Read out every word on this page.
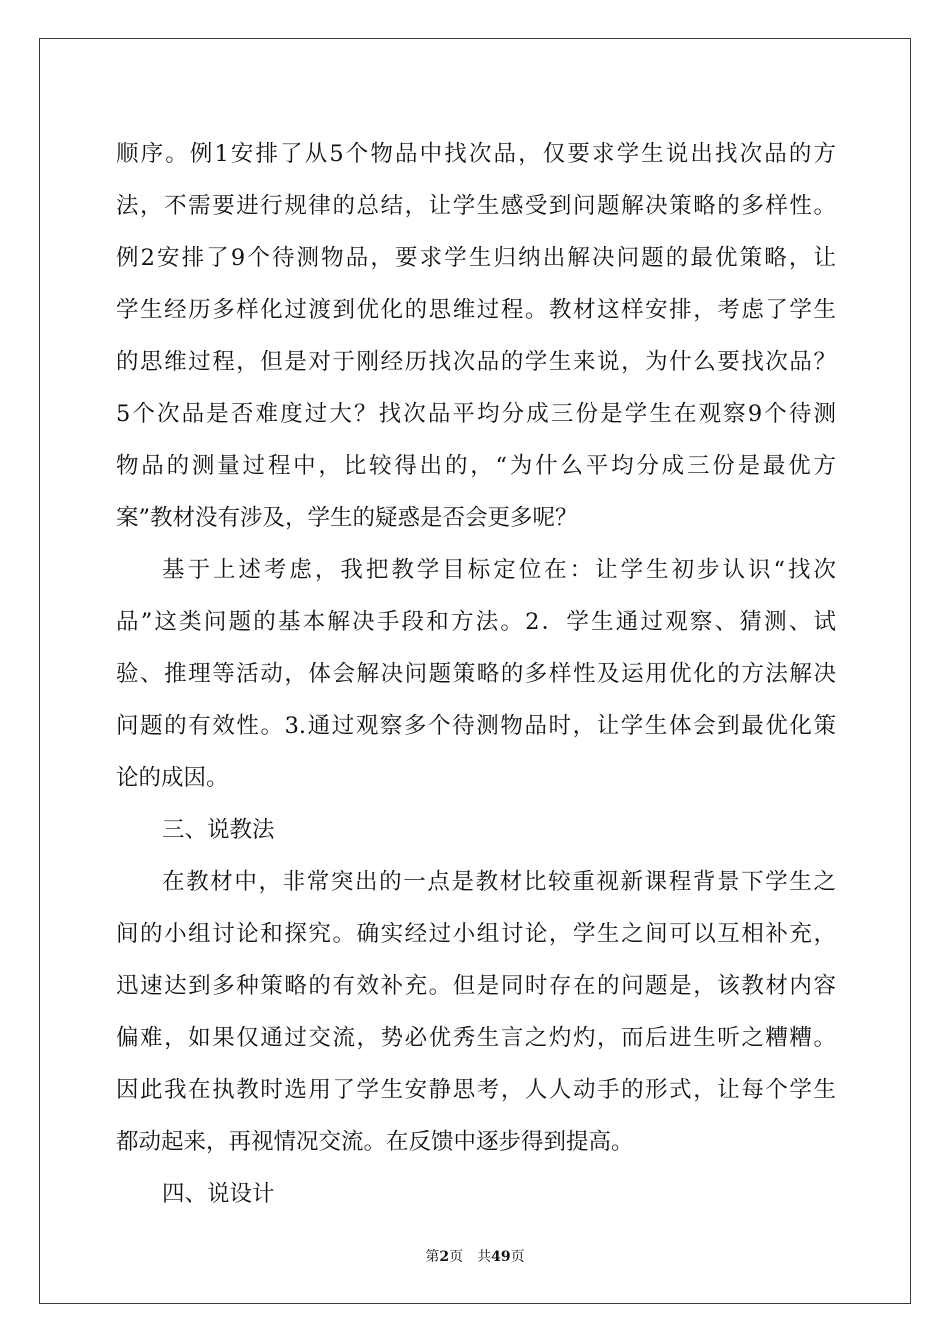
顺序。例1安排了从5个物品中找次品，仅要求学生说出找次品的方
法，不需要进行规律的总结，让学生感受到问题解决策略的多样性。
例2安排了9个待测物品，要求学生归纳出解决问题的最优策略，让
学生经历多样化过渡到优化的思维过程。教材这样安排，考虑了学生
的思维过程，但是对于刚经历找次品的学生来说，为什么要找次品？
5个次品是否难度过大？找次品平均分成三份是学生在观察9个待测
物品的测量过程中，比较得出的，“为什么平均分成三份是最优方
案”教材没有涉及，学生的疑惑是否会更多呢？
基于上述考虑，我把教学目标定位在：让学生初步认识“找次
品”这类问题的基本解决手段和方法。2．学生通过观察、猜测、试
验、推理等活动，体会解决问题策略的多样性及运用优化的方法解决
问题的有效性。3.通过观察多个待测物品时，让学生体会到最优化策
论的成因。
三、说教法
在教材中，非常突出的一点是教材比较重视新课程背景下学生之
间的小组讨论和探究。确实经过小组讨论，学生之间可以互相补充，
迅速达到多种策略的有效补充。但是同时存在的问题是，该教材内容
偏难，如果仅通过交流，势必优秀生言之灼灼，而后进生听之糟糟。
因此我在执教时选用了学生安静思考，人人动手的形式，让每个学生
都动起来，再视情况交流。在反馈中逐步得到提高。
四、说设计
第2页 共49页
